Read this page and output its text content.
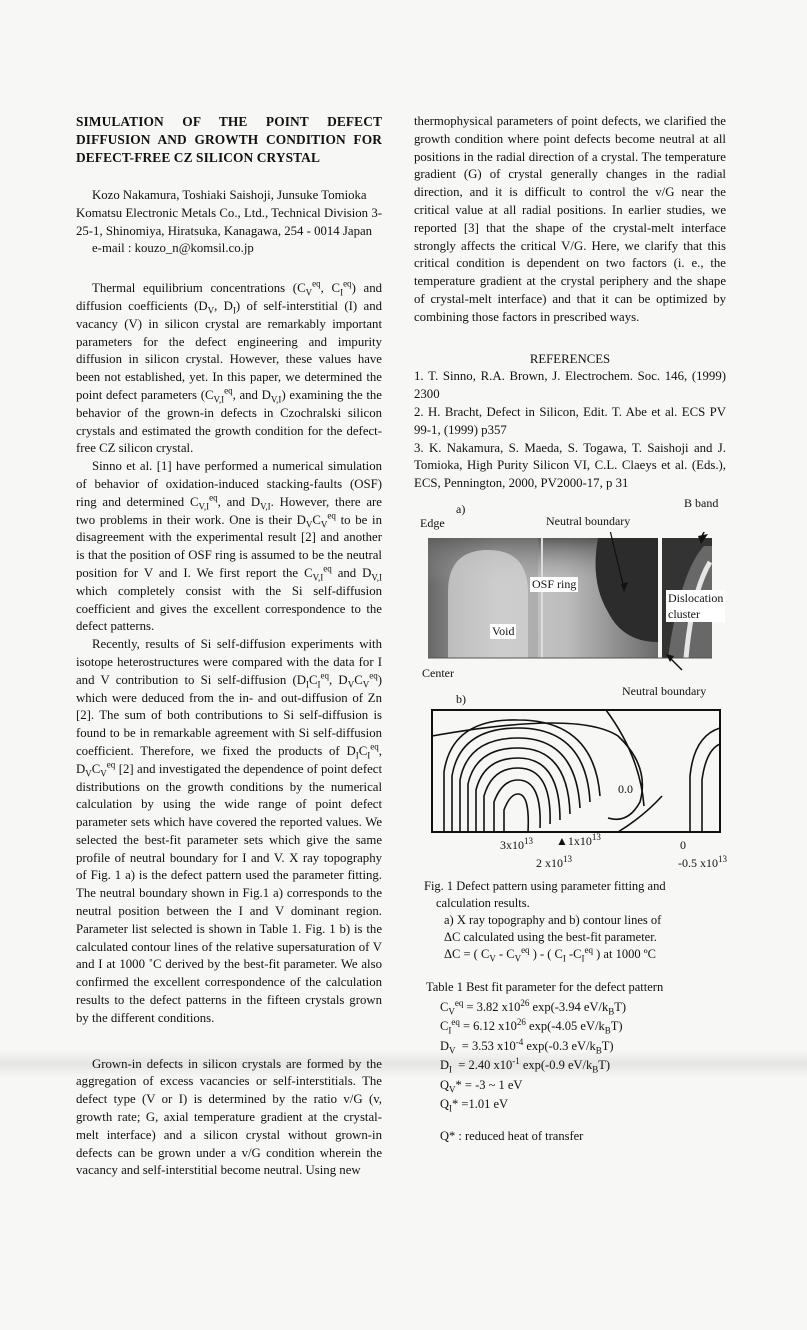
SIMULATION OF THE POINT DEFECT DIFFUSION AND GROWTH CONDITION FOR DEFECT-FREE CZ SILICON CRYSTAL

Kozo Nakamura, Toshiaki Saishoji, Junsuke Tomioka

Komatsu Electronic Metals Co., Ltd., Technical Division 3-25-1, Shinomiya, Hiratsuka, Kanagawa, 254 - 0014 Japan

e-mail : kouzo_n@komsil.co.jp

Thermal equilibrium concentrations ($C_V^{eq}$, $C_I^{eq}$) and diffusion coefficients ($D_V$, $D_I$) of self-interstitial (I) and vacancy (V) in silicon crystal are remarkably important parameters for the defect engineering and impurity diffusion in silicon crystal. However, these values have been not established, yet. In this paper, we determined the point defect parameters ($C_{V,I}^{eq}$, and $D_{V,I}$) examining the the behavior of the grown-in defects in Czochralski silicon crystals and estimated the growth condition for the defect-free CZ silicon crystal.

Sinno et al. [1] have performed a numerical simulation of behavior of oxidation-induced stacking-faults (OSF) ring and determined $C_{V,I}^{eq}$, and $D_{V,I}$. However, there are two problems in their work. One is their $D_VC_V^{eq}$ to be in disagreement with the experimental result [2] and another is that the position of OSF ring is assumed to be the neutral position for V and I. We first report the $C_{V,I}^{eq}$ and $D_{V,I}$ which completely consist with the Si self-diffusion coefficient and gives the excellent correspondence to the defect patterns.

Recently, results of Si self-diffusion experiments with isotope heterostructures were compared with the data for I and V contribution to Si self-diffusion ($D_IC_I^{eq}$, $D_VC_V^{eq}$) which were deduced from the in- and out-diffusion of Zn [2]. The sum of both contributions to Si self-diffusion is found to be in remarkable agreement with Si self-diffusion coefficient. Therefore, we fixed the products of $D_IC_I^{eq}$, $D_VC_V^{eq}$ [2] and investigated the dependence of point defect distributions on the growth conditions by the numerical calculation by using the wide range of point defect parameter sets which have covered the reported values. We selected the best-fit parameter sets which give the same profile of neutral boundary for I and V. X ray topography of Fig. 1 a) is the defect pattern used the parameter fitting. The neutral boundary shown in Fig.1 a) corresponds to the neutral position between the I and V dominant region. Parameter list selected is shown in Table 1. Fig. 1 b) is the calculated contour lines of the relative supersaturation of V and I at 1000 ˚C derived by the best-fit parameter. We also confirmed the excellent correspondence of the calculation results to the defect patterns in the fifteen crystals grown by the different conditions.

Grown-in defects in silicon crystals are formed by the aggregation of excess vacancies or self-interstitials. The defect type (V or I) is determined by the ratio v/G (v, growth rate; G, axial temperature gradient at the crystal-melt interface) and a silicon crystal without grown-in defects can be grown under a v/G condition wherein the vacancy and self-interstitial become neutral. Using new

thermophysical parameters of point defects, we clarified the growth condition where point defects become neutral at all positions in the radial direction of a crystal. The temperature gradient (G) of crystal generally changes in the radial direction, and it is difficult to control the v/G near the critical value at all radial positions. In earlier studies, we reported [3] that the shape of the crystal-melt interface strongly affects the critical V/G. Here, we clarify that this critical condition is dependent on two factors (i. e., the temperature gradient at the crystal periphery and the shape of crystal-melt interface) and that it can be optimized by combining those factors in prescribed ways.

REFERENCES

1. T. Sinno, R.A. Brown, J. Electrochem. Soc. 146, (1999) 2300

2. H. Bracht, Defect in Silicon, Edit. T. Abe et al. ECS PV 99-1, (1999) p357

3. K. Nakamura, S. Maeda, S. Togawa, T. Saishoji and J. Tomioka, High Purity Silicon VI, C.L. Claeys et al. (Eds.), ECS, Pennington, 2000, PV2000-17, p 31

a)	B band
Edge	Neutral boundary
OSF ring
Void
Dislocation
cluster
Center
Neutral boundary
b)
0.0
$3x10^{13}$ $▲1x10^{13}$
0
2 $x10^{13}$	-0.5 $x10^{13}$

Fig. 1 Defect pattern using parameter fitting and

calculation results.

a) X ray topography and b) contour lines of

ΔC calculated using the best-fit parameter.

ΔC = ( $C_V - C_V^{eq}$ ) - ( $C_I$ $-C_I^{eq}$ ) at 1000 ºC

Table 1 Best fit parameter for the defect pattern

$C_V^{eq} = 3.82$ $x10^{26}$ exp(-3.94 $eV/k_BT$)

$C_I^{eq} = 6.12$ $x10^{26}$ exp(-4.05 $eV/k_BT$)

$D_V = 3.53$ $x10^{-4}$ exp(-0.3 $eV/k_BT$)

$D_I = 2.40$ $x10^{-1}$ exp(-0.9 $eV/k_BT$)

$Q_V* = -3$ ~ 1 eV

$Q_I* =1.01$ eV

Q* : reduced heat of transfer
